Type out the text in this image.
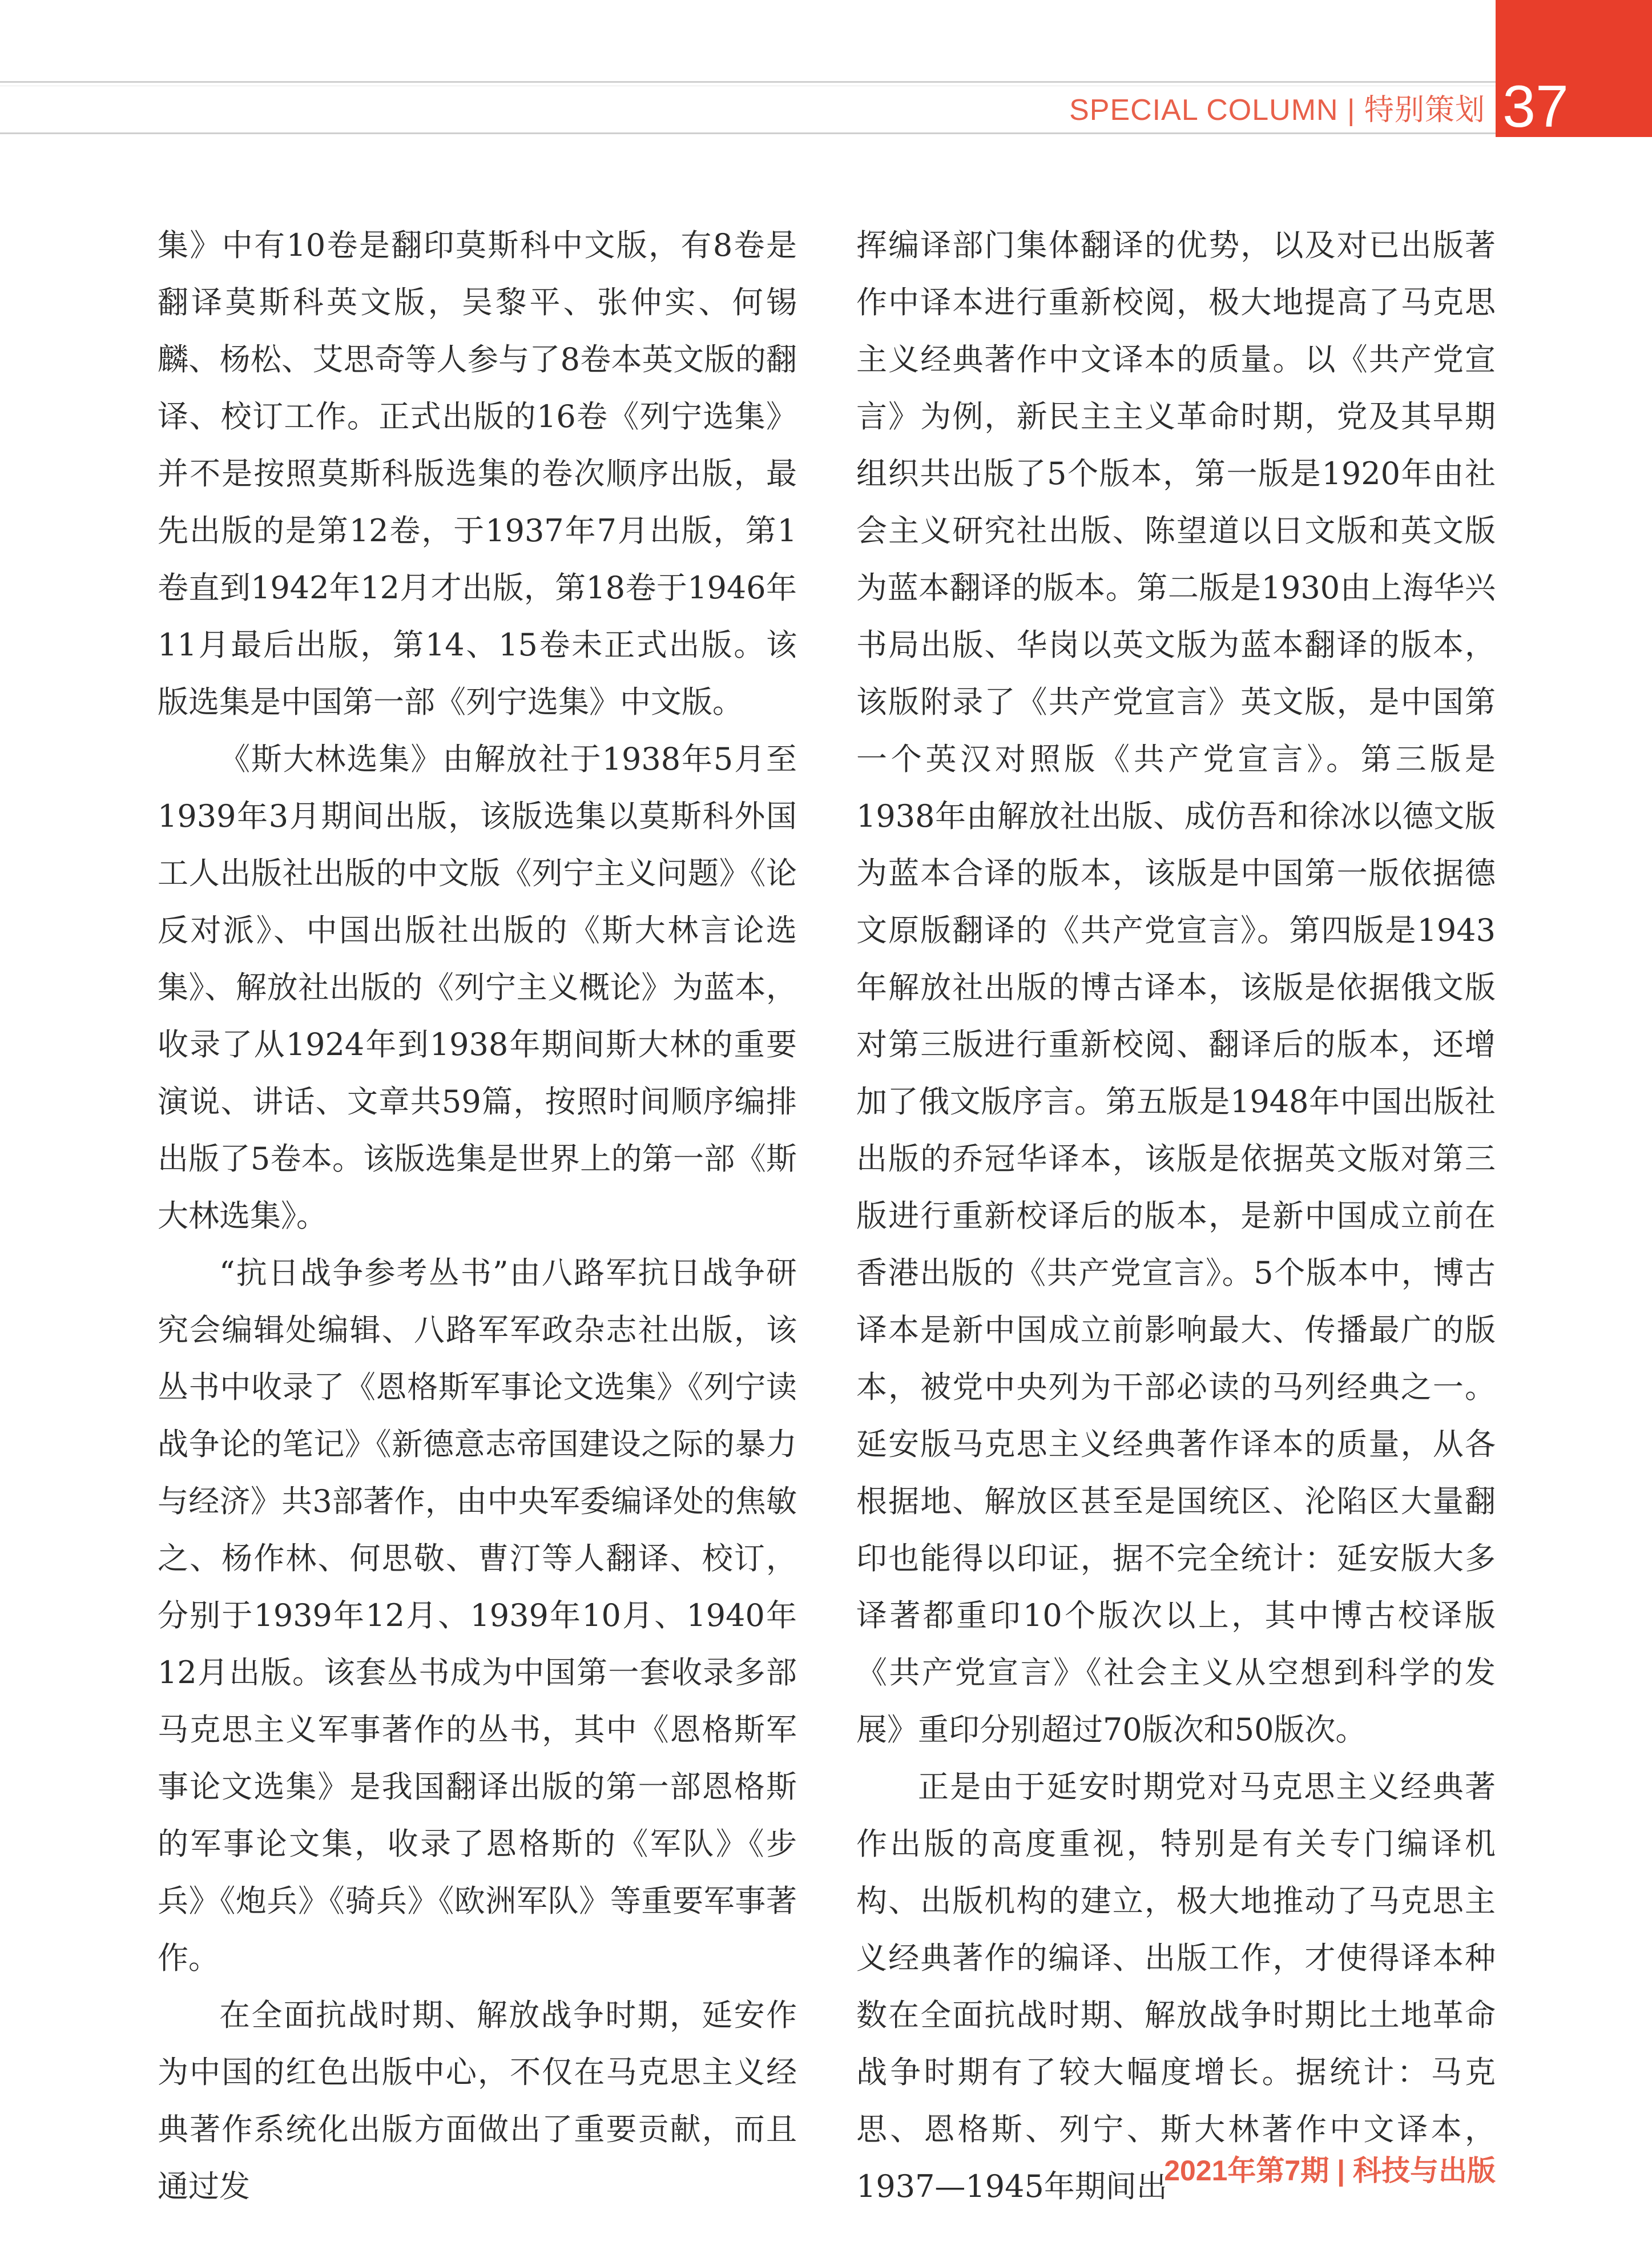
SPECIAL COLUMN | 特别策划 37

集》中有10卷是翻印莫斯科中文版，有8卷是翻译莫斯科英文版，吴黎平、张仲实、何锡麟、杨松、艾思奇等人参与了8卷本英文版的翻译、校订工作。正式出版的16卷《列宁选集》并不是按照莫斯科版选集的卷次顺序出版，最先出版的是第12卷，于1937年7月出版，第1卷直到1942年12月才出版，第18卷于1946年11月最后出版，第14、15卷未正式出版。该版选集是中国第一部《列宁选集》中文版。

《斯大林选集》由解放社于1938年5月至1939年3月期间出版，该版选集以莫斯科外国工人出版社出版的中文版《列宁主义问题》《论反对派》、中国出版社出版的《斯大林言论选集》、解放社出版的《列宁主义概论》为蓝本，收录了从1924年到1938年期间斯大林的重要演说、讲话、文章共59篇，按照时间顺序编排出版了5卷本。该版选集是世界上的第一部《斯大林选集》。

“抗日战争参考丛书”由八路军抗日战争研究会编辑处编辑、八路军军政杂志社出版，该丛书中收录了《恩格斯军事论文选集》《列宁读战争论的笔记》《新德意志帝国建设之际的暴力与经济》共3部著作，由中央军委编译处的焦敏之、杨作林、何思敬、曹汀等人翻译、校订，分别于1939年12月、1939年10月、1940年12月出版。该套丛书成为中国第一套收录多部马克思主义军事著作的丛书，其中《恩格斯军事论文选集》是我国翻译出版的第一部恩格斯的军事论文集，收录了恩格斯的《军队》《步兵》《炮兵》《骑兵》《欧洲军队》等重要军事著作。

在全面抗战时期、解放战争时期，延安作为中国的红色出版中心，不仅在马克思主义经典著作系统化出版方面做出了重要贡献，而且通过发

挥编译部门集体翻译的优势，以及对已出版著作中译本进行重新校阅，极大地提高了马克思主义经典著作中文译本的质量。以《共产党宣言》为例，新民主主义革命时期，党及其早期组织共出版了5个版本，第一版是1920年由社会主义研究社出版、陈望道以日文版和英文版为蓝本翻译的版本。第二版是1930由上海华兴书局出版、华岗以英文版为蓝本翻译的版本，该版附录了《共产党宣言》英文版，是中国第一个英汉对照版《共产党宣言》。第三版是1938年由解放社出版、成仿吾和徐冰以德文版为蓝本合译的版本，该版是中国第一版依据德文原版翻译的《共产党宣言》。第四版是1943年解放社出版的博古译本，该版是依据俄文版对第三版进行重新校阅、翻译后的版本，还增加了俄文版序言。第五版是1948年中国出版社出版的乔冠华译本，该版是依据英文版对第三版进行重新校译后的版本，是新中国成立前在香港出版的《共产党宣言》。5个版本中，博古译本是新中国成立前影响最大、传播最广的版本，被党中央列为干部必读的马列经典之一。延安版马克思主义经典著作译本的质量，从各根据地、解放区甚至是国统区、沦陷区大量翻印也能得以印证，据不完全统计：延安版大多译著都重印10个版次以上，其中博古校译版《共产党宣言》《社会主义从空想到科学的发展》重印分别超过70版次和50版次。

正是由于延安时期党对马克思主义经典著作出版的高度重视，特别是有关专门编译机构、出版机构的建立，极大地推动了马克思主义经典著作的编译、出版工作，才使得译本种数在全面抗战时期、解放战争时期比土地革命战争时期有了较大幅度增长。据统计：马克思、恩格斯、列宁、斯大林著作中文译本，1937—1945年期间出

2021年第7期 | 科技与出版
